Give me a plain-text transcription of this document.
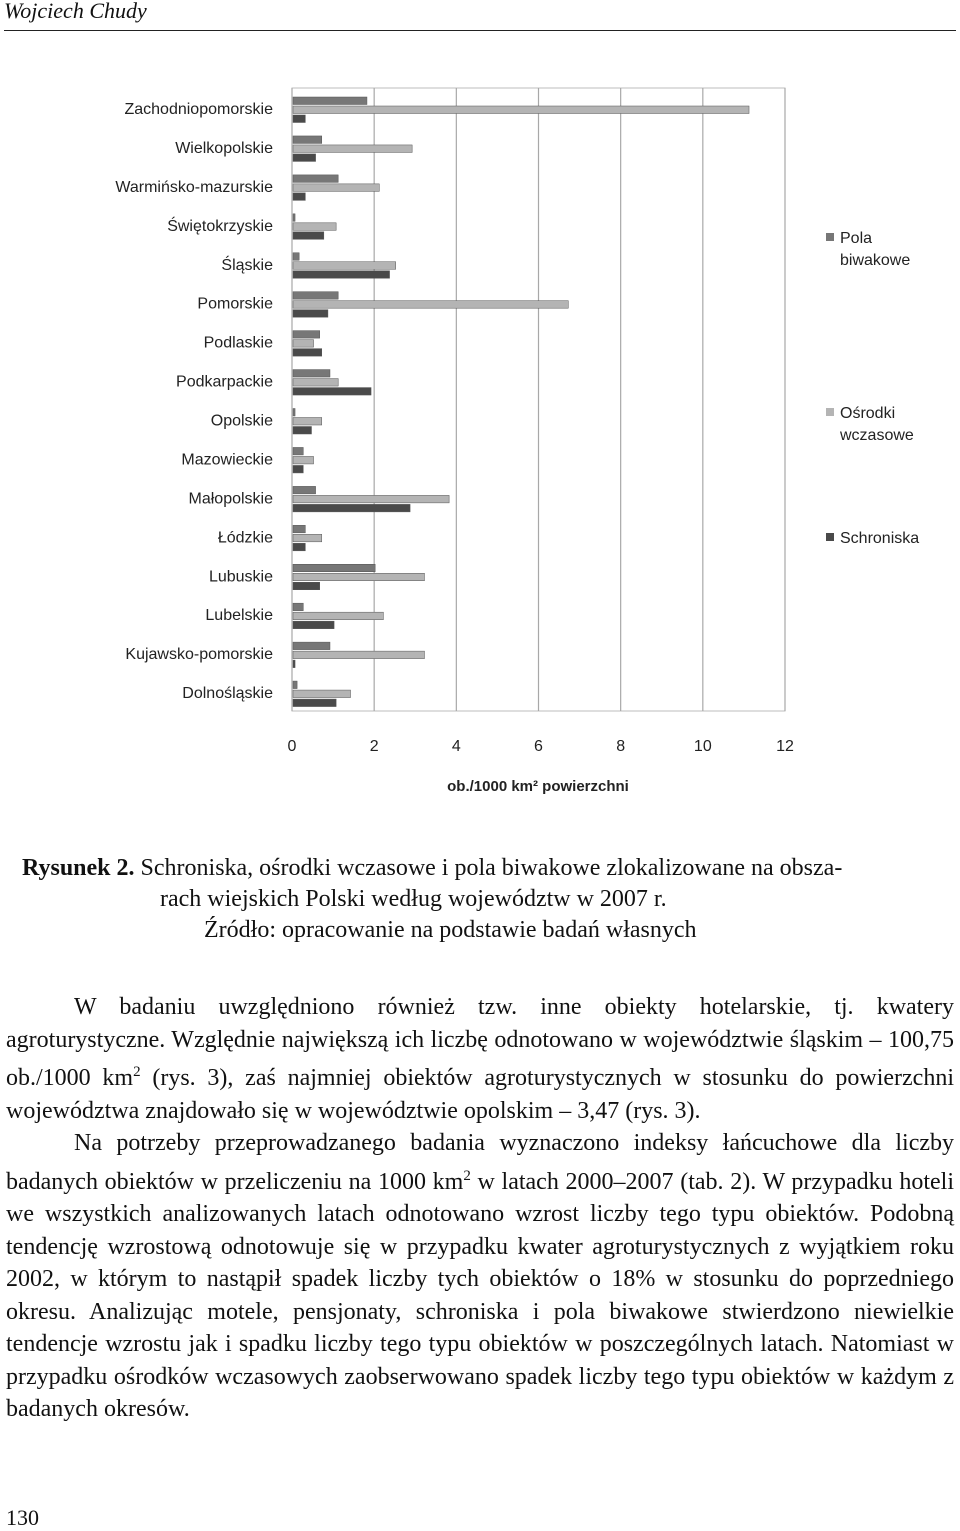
Wojciech Chudy
0	2	4	6	8	10	12
ob./1000 km² powierzchni
Zachodniopomorskie
Wielkopolskie
Warmińsko-mazurskie
Świętokrzyskie
Śląskie
Pomorskie
Podlaskie
Podkarpackie
Opolskie
Mazowieckie
Małopolskie
Łódzkie
Lubuskie
Lubelskie
Kujawsko-pomorskie
Dolnośląskie
Pola biwakowe
Ośrodki wczasowe
Schroniska
Rysunek 2. Schroniska, ośrodki wczasowe i pola biwakowe zlokalizowane na obsza-
rach wiejskich Polski według województw w 2007 r.
Źródło: opracowanie na podstawie badań własnych

W badaniu uwzględniono również tzw. inne obiekty hotelarskie, tj. kwatery agroturystyczne. Względnie największą ich liczbę odnotowano w województwie śląskim – 100,75 ob./1000 $km^2$ (rys. 3), zaś najmniej obiektów agroturystycznych w stosunku do powierzchni województwa znajdowało się w województwie opolskim – 3,47 (rys. 3).

Na potrzeby przeprowadzanego badania wyznaczono indeksy łańcuchowe dla liczby badanych obiektów w przeliczeniu na 1000 $km^2$ w latach 2000–2007 (tab. 2). W przypadku hoteli we wszystkich analizowanych latach odnotowano wzrost liczby tego typu obiektów. Podobną tendencję wzrostową odnotowuje się w przypadku kwater agroturystycznych z wyjątkiem roku 2002, w którym to nastąpił spadek liczby tych obiektów o 18% w stosunku do poprzedniego okresu. Analizując motele, pensjonaty, schroniska i pola biwakowe stwierdzono niewielkie tendencje wzrostu jak i spadku liczby tego typu obiektów w poszczególnych latach. Natomiast w przypadku ośrodków wczasowych zaobserwowano spadek liczby tego typu obiektów w każdym z badanych okresów.

130
